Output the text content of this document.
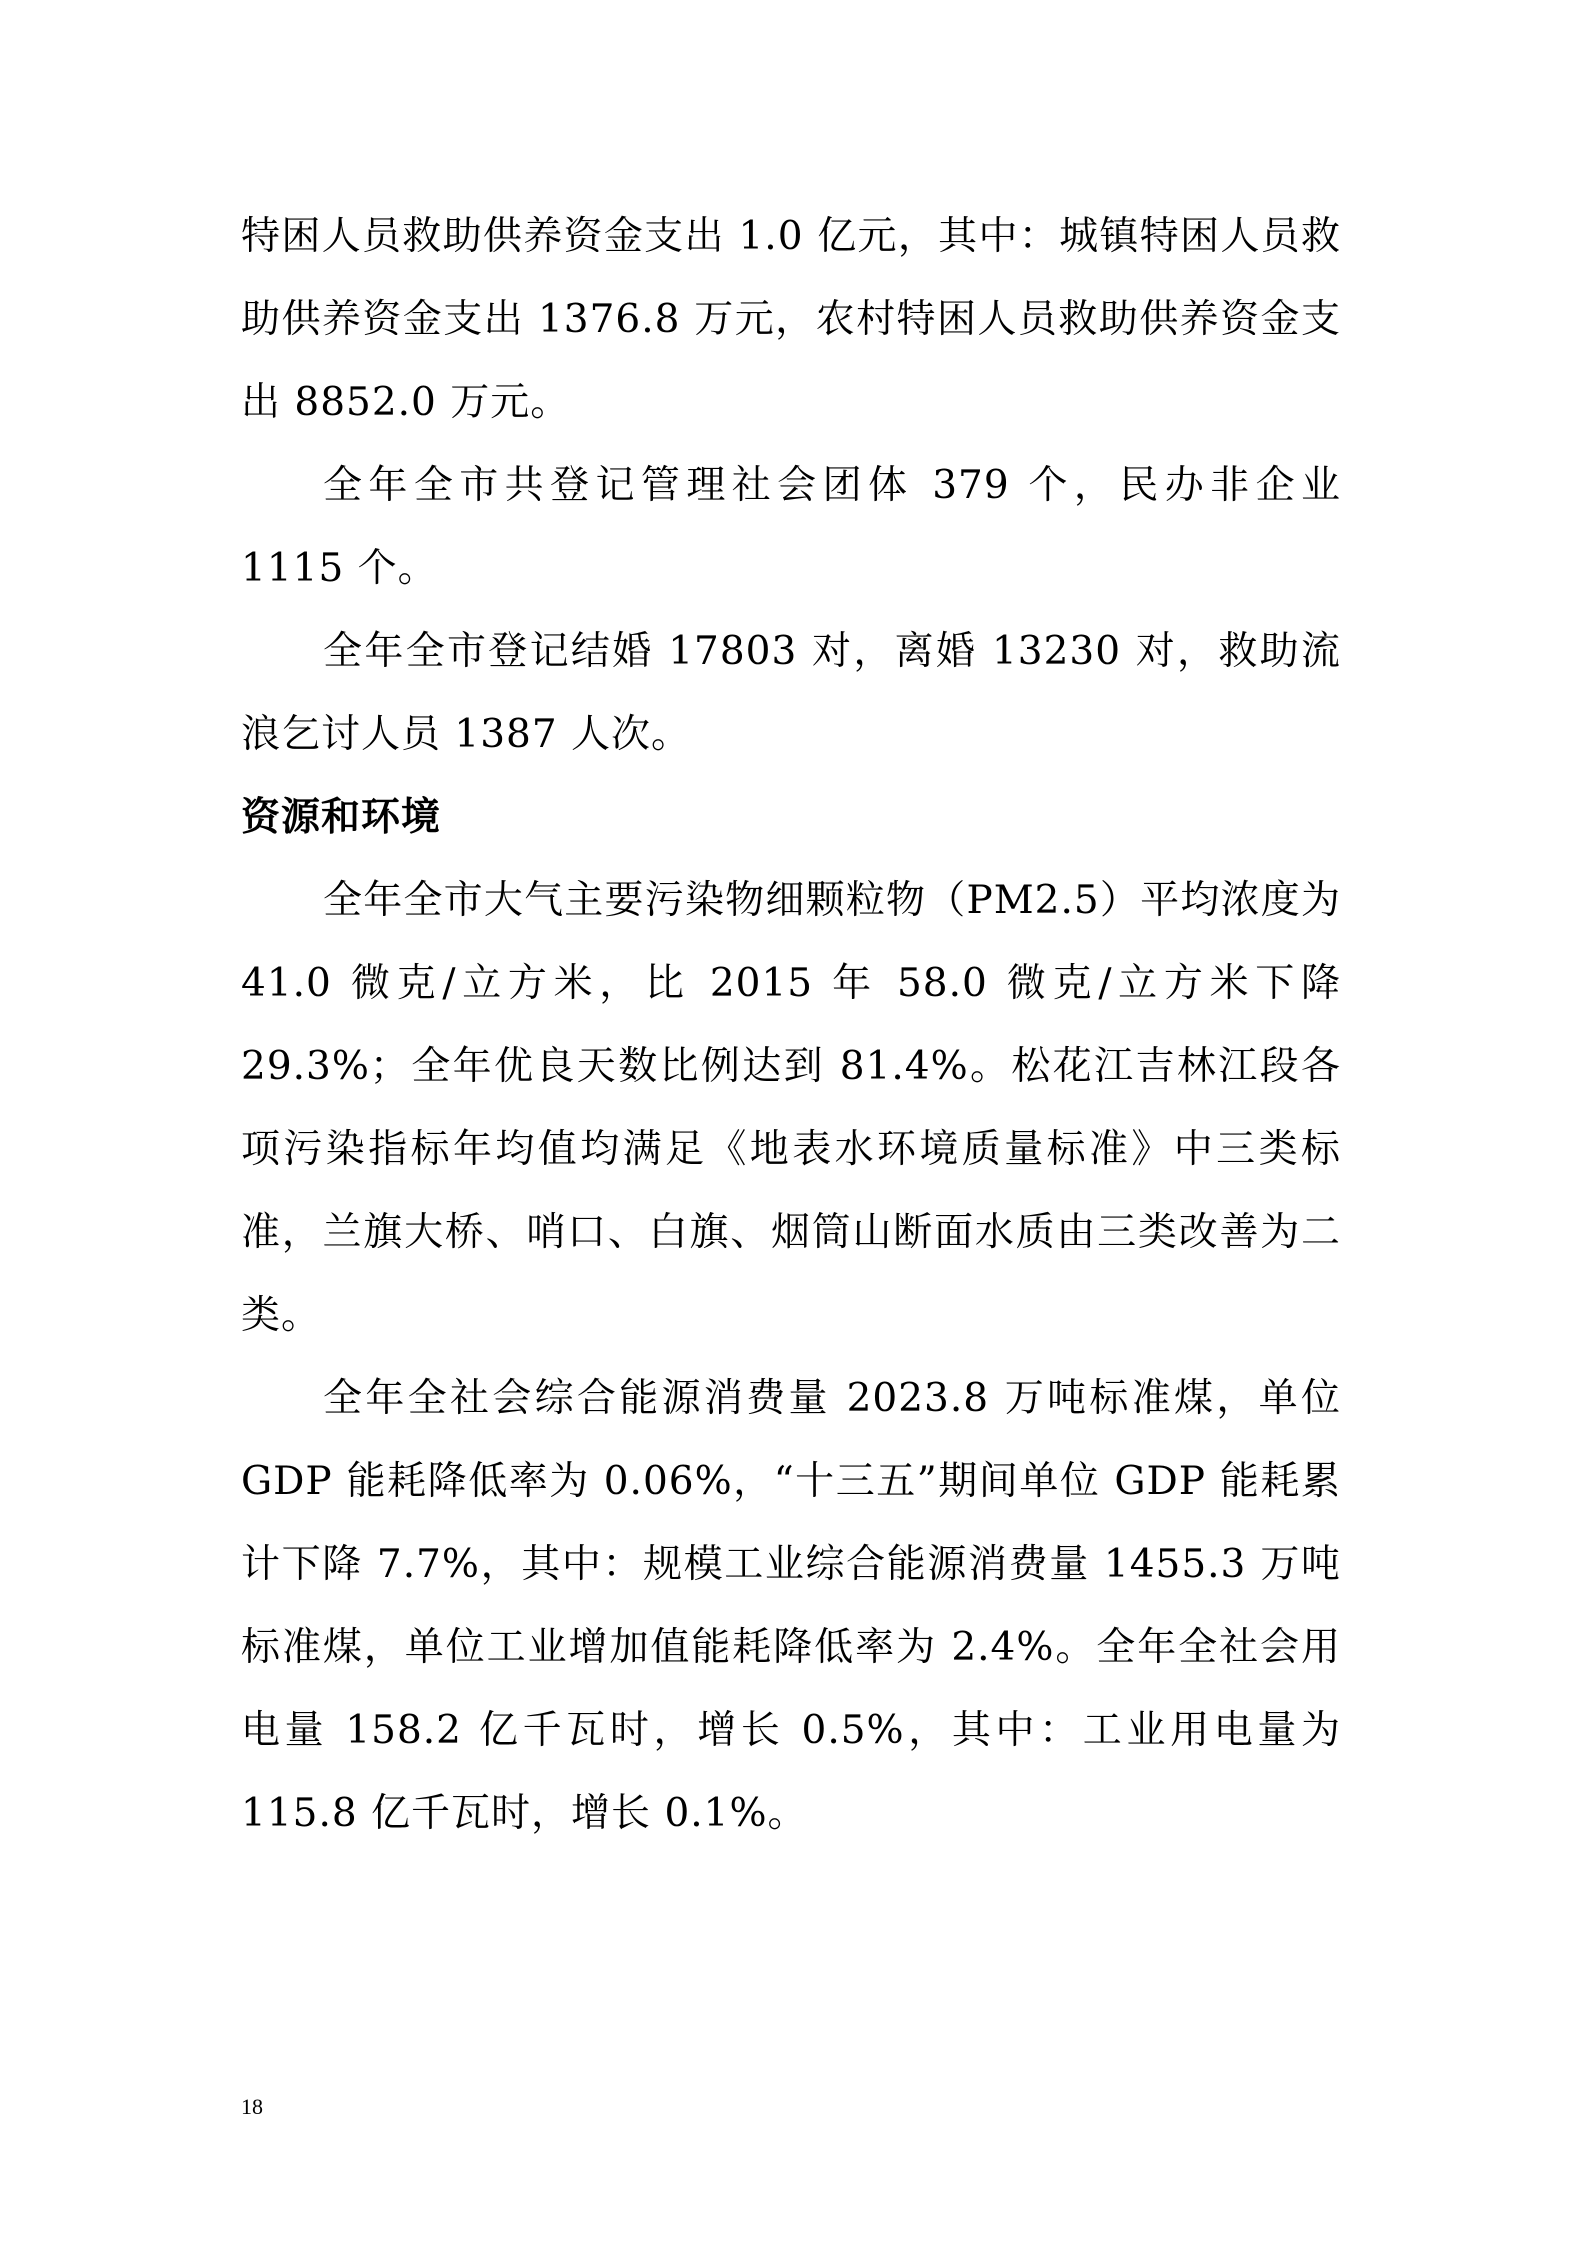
特困人员救助供养资金支出 1.0 亿元，其中：城镇特困人员救助供养资金支出 1376.8 万元，农村特困人员救助供养资金支出 8852.0 万元。

全年全市共登记管理社会团体 379 个，民办非企业 1115 个。

全年全市登记结婚 17803 对，离婚 13230 对，救助流浪乞讨人员 1387 人次。

资源和环境

全年全市大气主要污染物细颗粒物（PM2.5）平均浓度为 41.0 微克/立方米，比 2015 年 58.0 微克/立方米下降 29.3%；全年优良天数比例达到 81.4%。松花江吉林江段各项污染指标年均值均满足《地表水环境质量标准》中三类标准，兰旗大桥、哨口、白旗、烟筒山断面水质由三类改善为二类。

全年全社会综合能源消费量 2023.8 万吨标准煤，单位 GDP 能耗降低率为 0.06%，“十三五”期间单位 GDP 能耗累计下降 7.7%，其中：规模工业综合能源消费量 1455.3 万吨标准煤，单位工业增加值能耗降低率为 2.4%。全年全社会用电量 158.2 亿千瓦时，增长 0.5%，其中：工业用电量为 115.8 亿千瓦时，增长 0.1%。

18
